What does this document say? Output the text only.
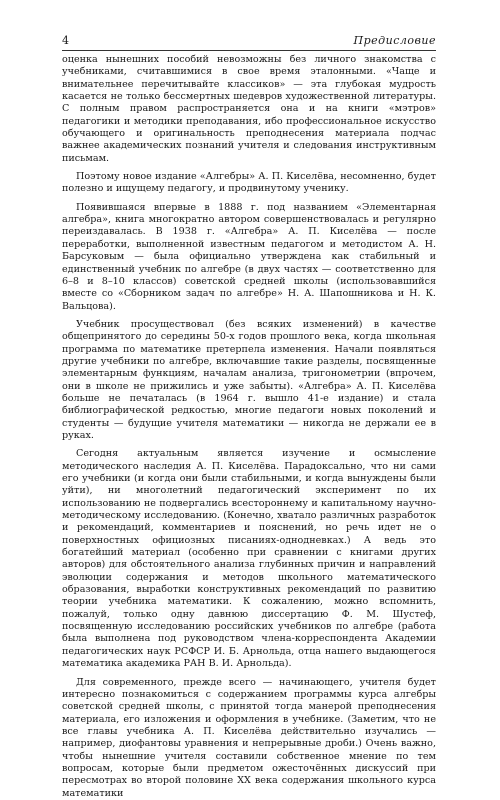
4	Предисловие

оценка нынешних пособий невозможны без личного знакомства с учебниками, считавшимися в свое время эталонными. «Чаще и внимательнее перечитывайте классиков» — эта глубокая мудрость касается не только бессмертных шедевров художественной литературы. С полным правом распространяется она и на книги «мэтров» педагогики и методики преподавания, ибо профессиональное искусство обучающего и оригинальность преподнесения материала подчас важнее академических познаний учителя и следования инструктивным письмам.

Поэтому новое издание «Алгебры» А. П. Киселёва, несомненно, будет полезно и ищущему педагогу, и продвинутому ученику.

Появившаяся впервые в 1888 г. под названием «Элементарная алгебра», книга многократно автором совершенствовалась и регулярно переиздавалась. В 1938 г. «Алгебра» А. П. Киселёва — после переработки, выполненной известным педагогом и методистом А. Н. Барсуковым — была официально утверждена как стабильный и единственный учебник по алгебре (в двух частях — соответственно для 6–8 и 8–10 классов) советской средней школы (использовавшийся вместе со «Сборником задач по алгебре» Н. А. Шапошникова и Н. К. Вальцова).

Учебник просуществовал (без всяких изменений) в качестве общепринятого до середины 50-х годов прошлого века, когда школьная программа по математике претерпела изменения. Начали появляться другие учебники по алгебре, включавшие такие разделы, посвященные элементарным функциям, началам анализа, тригонометрии (впрочем, они в школе не прижились и уже забыты). «Алгебра» А. П. Киселёва больше не печаталась (в 1964 г. вышло 41-е издание) и стала библиографической редкостью, многие педагоги новых поколений и студенты — будущие учителя математики — никогда не держали ее в руках.

Сегодня актуальным является изучение и осмысление методического наследия А. П. Киселёва. Парадоксально, что ни сами его учебники (и когда они были стабильными, и когда вынуждены были уйти), ни многолетний педагогический эксперимент по их использованию не подвергались всестороннему и капитальному научно-методическому исследованию. (Конечно, хватало различных разработок и рекомендаций, комментариев и пояснений, но речь идет не о поверхностных официозных писаниях-однодневках.) А ведь это богатейший материал (особенно при сравнении с книгами других авторов) для обстоятельного анализа глубинных причин и направлений эволюции содержания и методов школьного математического образования, выработки конструктивных рекомендаций по развитию теории учебника математики. К сожалению, можно вспомнить, пожалуй, только одну давнюю диссертацию Ф. М. Шустеф, посвященную исследованию российских учебников по алгебре (работа была выполнена под руководством члена-корреспондента Академии педагогических наук РСФСР И. Б. Арнольда, отца нашего выдающегося математика академика РАН В. И. Арнольда).

Для современного, прежде всего — начинающего, учителя будет интересно познакомиться с содержанием программы курса алгебры советской средней школы, с принятой тогда манерой преподнесения материала, его изложения и оформления в учебнике. (Заметим, что не все главы учебника А. П. Киселёва действительно изучались — например, диофантовы уравнения и непрерывные дроби.) Очень важно, чтобы нынешние учителя составили собственное мнение по тем вопросам, которые были предметом ожесточённых дискуссий при пересмотрах во второй половине XX века содержания школьного курса математики
